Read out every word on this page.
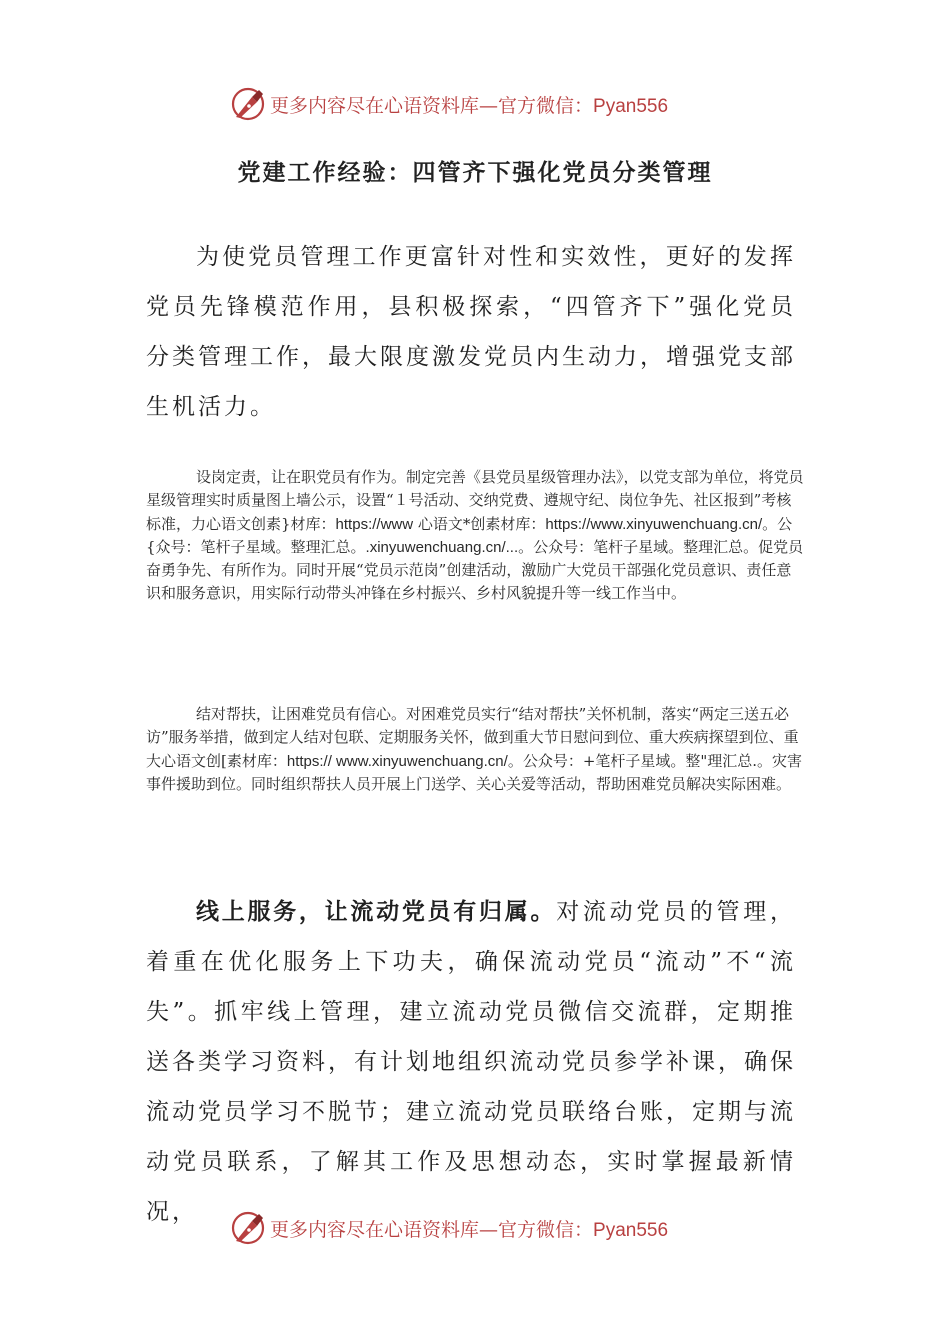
更多内容尽在心语资料库—官方微信：Pyan556
党建工作经验：四管齐下强化党员分类管理

为使党员管理工作更富针对性和实效性，更好的发挥党员先锋模范作用，县积极探索，“四管齐下”强化党员分类管理工作，最大限度激发党员内生动力，增强党支部生机活力。

设岗定责，让在职党员有作为。制定完善《县党员星级管理办法》，以党支部为单位，将党员星级管理实时质量图上墙公示，设置“１号活动、交纳党费、遵规守纪、岗位争先、社区报到”考核标准，力心语文创素}材库：https://www 心语文*创素材库：https://www.xinyuwenchuang.cn/。公{众号：笔杆子星域。整理汇总。.xinyuwenchuang.cn/...。公众号：笔杆子星域。整理汇总。促党员奋勇争先、有所作为。同时开展“党员示范岗”创建活动，激励广大党员干部强化党员意识、责任意识和服务意识，用实际行动带头冲锋在乡村振兴、乡村风貌提升等一线工作当中。

结对帮扶，让困难党员有信心。对困难党员实行“结对帮扶”关怀机制，落实“两定三送五必访”服务举措，做到定人结对包联、定期服务关怀，做到重大节日慰问到位、重大疾病探望到位、重大心语文创[素材库：https:// www.xinyuwenchuang.cn/。公众号：+笔杆子星域。整"理汇总.。灾害事件援助到位。同时组织帮扶人员开展上门送学、关心关爱等活动，帮助困难党员解决实际困难。

线上服务，让流动党员有归属。对流动党员的管理，着重在优化服务上下功夫，确保流动党员“流动”不“流失”。抓牢线上管理，建立流动党员微信交流群，定期推送各类学习资料，有计划地组织流动党员参学补课，确保流动党员学习不脱节；建立流动党员联络台账，定期与流动党员联系，了解其工作及思想动态，实时掌握最新情况，

更多内容尽在心语资料库—官方微信：Pyan556
